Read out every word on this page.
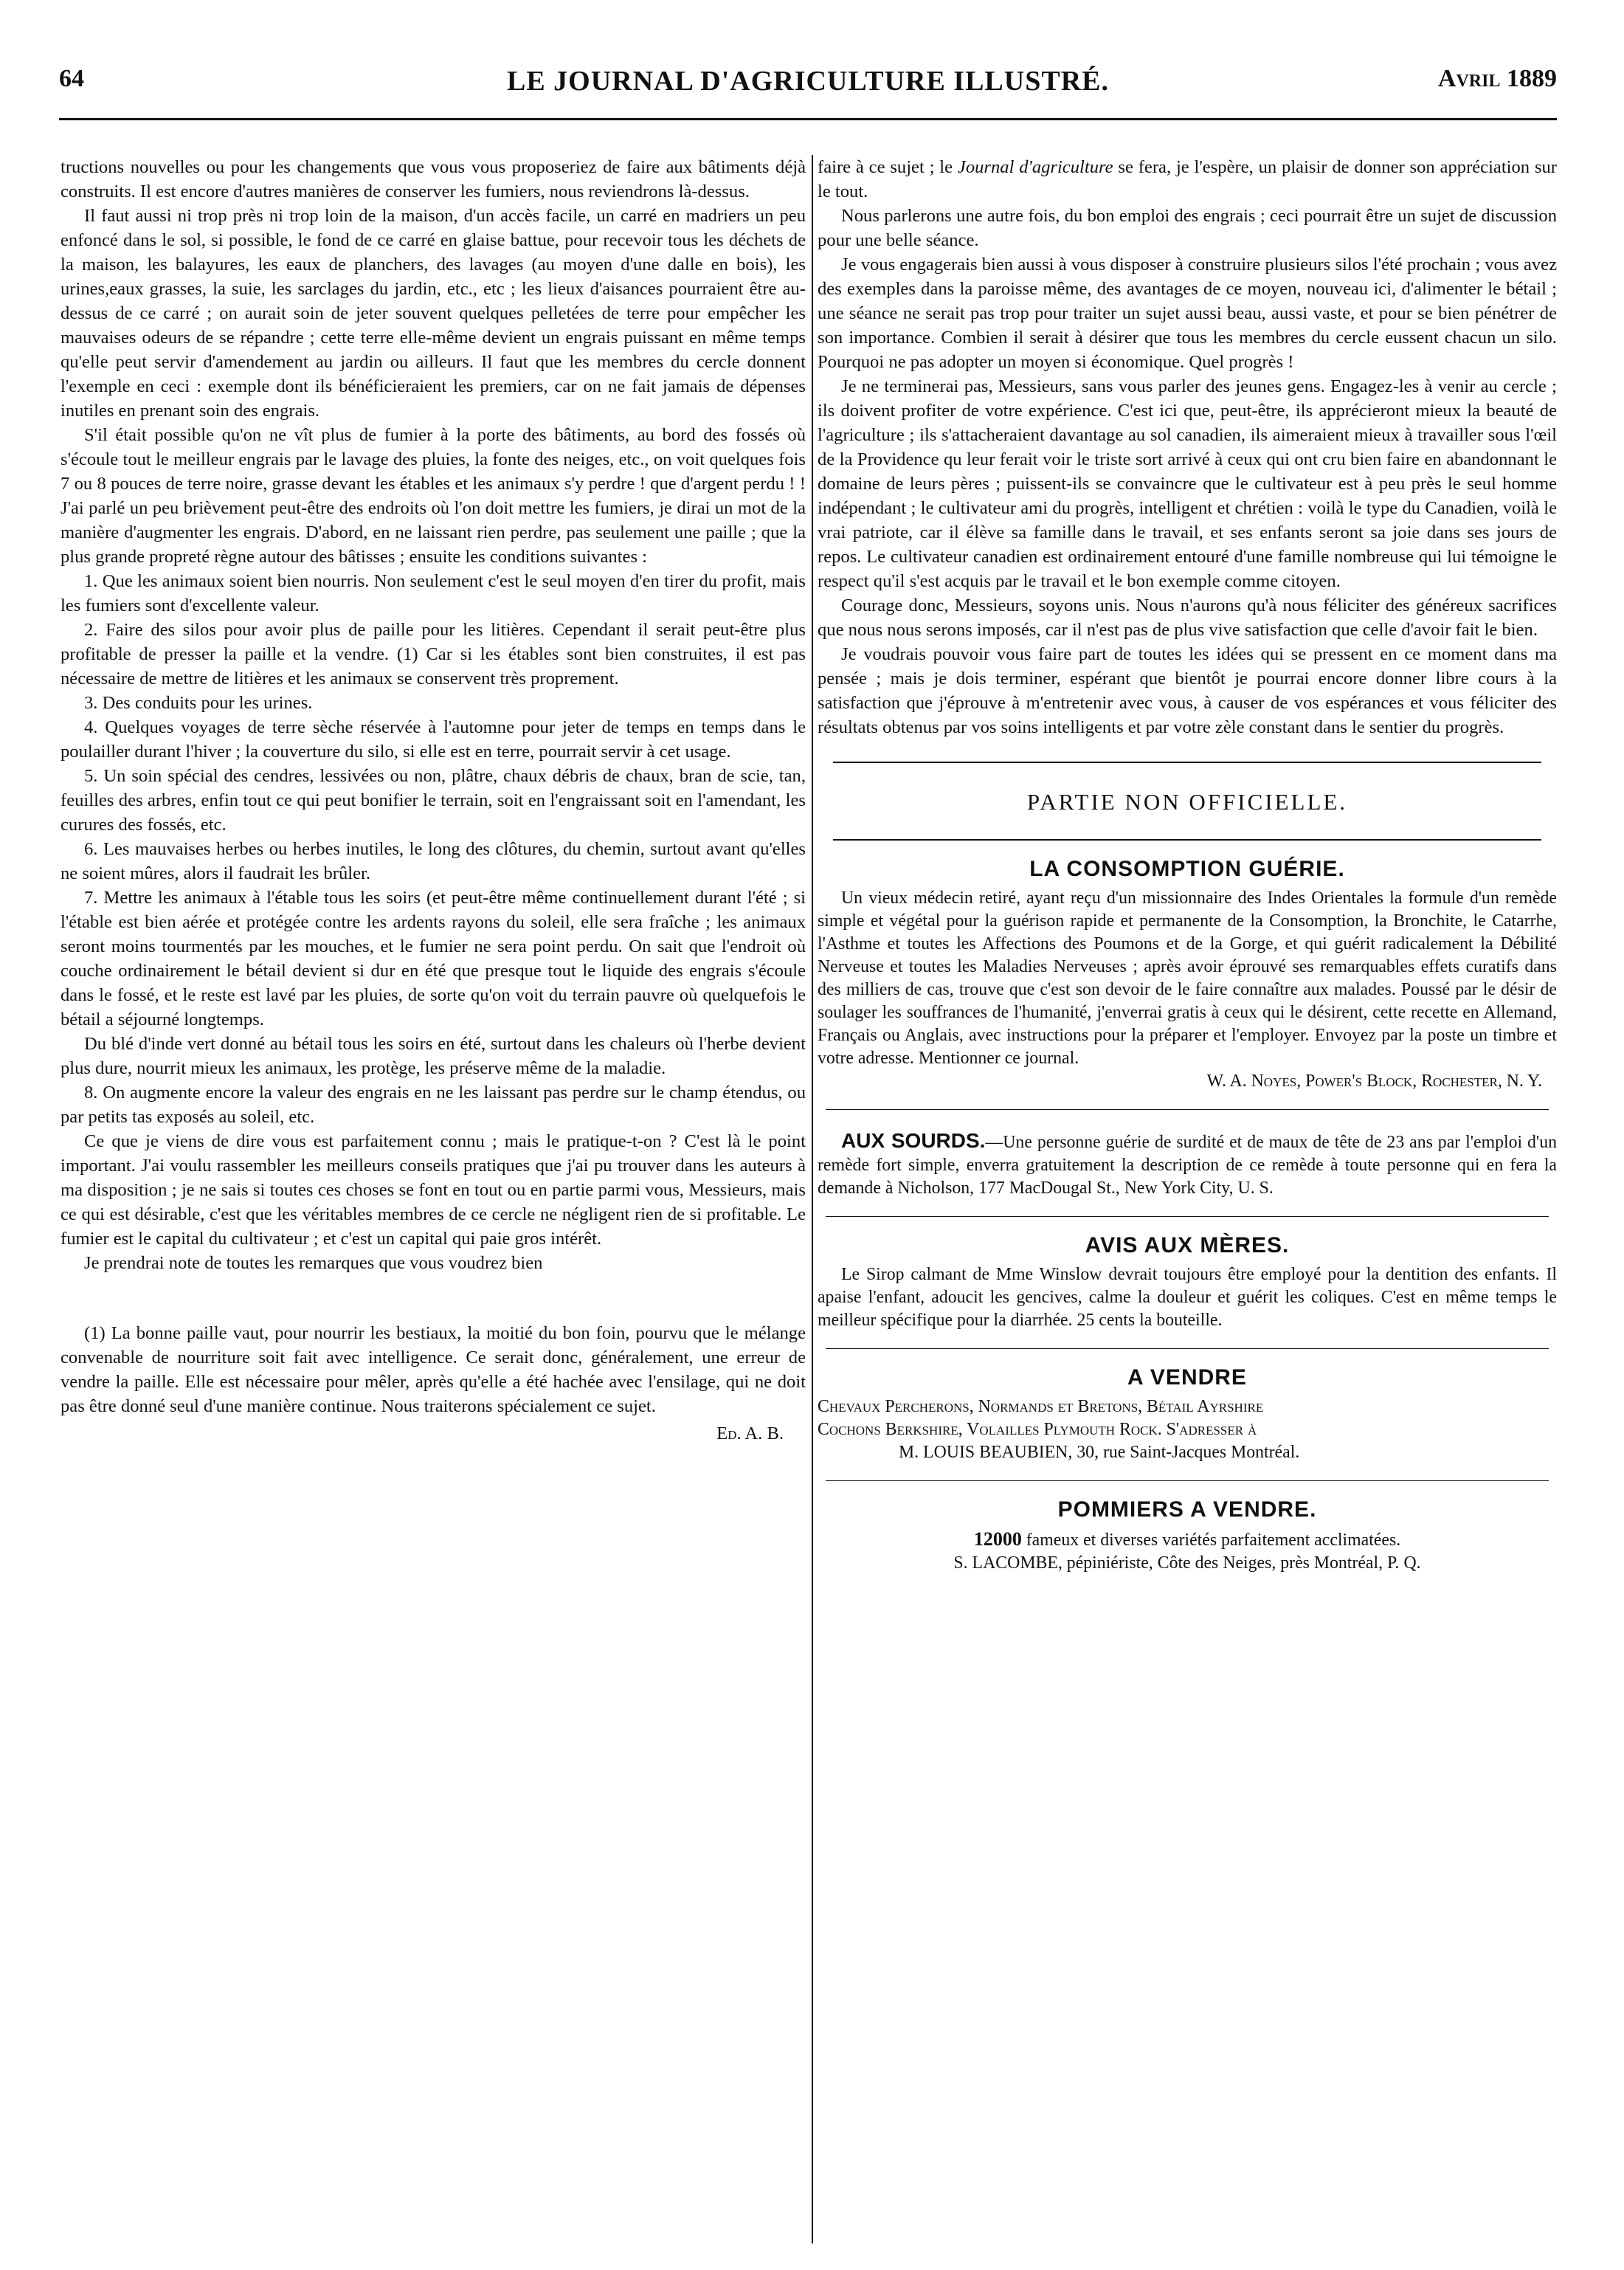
64	LE JOURNAL D'AGRICULTURE ILLUSTRÉ.	Avril 1889

tructions nouvelles ou pour les changements que vous vous proposeriez de faire aux bâtiments déjà construits. Il est encore d'autres manières de conserver les fumiers, nous reviendrons là-dessus.

Il faut aussi ni trop près ni trop loin de la maison, d'un accès facile, un carré en madriers un peu enfoncé dans le sol, si possible, le fond de ce carré en glaise battue, pour recevoir tous les déchets de la maison, les balayures, les eaux de planchers, des lavages (au moyen d'une dalle en bois), les urines,eaux grasses, la suie, les sarclages du jardin, etc., etc ; les lieux d'aisances pourraient être au-dessus de ce carré ; on aurait soin de jeter souvent quelques pelletées de terre pour empêcher les mauvaises odeurs de se répandre ; cette terre elle-même devient un engrais puissant en même temps qu'elle peut servir d'amendement au jardin ou ailleurs. Il faut que les membres du cercle donnent l'exemple en ceci : exemple dont ils bénéficieraient les premiers, car on ne fait jamais de dépenses inutiles en prenant soin des engrais.

S'il était possible qu'on ne vît plus de fumier à la porte des bâtiments, au bord des fossés où s'écoule tout le meilleur engrais par le lavage des pluies, la fonte des neiges, etc., on voit quelques fois 7 ou 8 pouces de terre noire, grasse devant les étables et les animaux s'y perdre ! que d'argent perdu ! ! J'ai parlé un peu brièvement peut-être des endroits où l'on doit mettre les fumiers, je dirai un mot de la manière d'augmenter les engrais. D'abord, en ne laissant rien perdre, pas seulement une paille ; que la plus grande propreté règne autour des bâtisses ; ensuite les conditions suivantes :

1. Que les animaux soient bien nourris. Non seulement c'est le seul moyen d'en tirer du profit, mais les fumiers sont d'excellente valeur.

2. Faire des silos pour avoir plus de paille pour les litières. Cependant il serait peut-être plus profitable de presser la paille et la vendre. (1) Car si les étables sont bien construites, il est pas nécessaire de mettre de litières et les animaux se conservent très proprement.

3. Des conduits pour les urines.

4. Quelques voyages de terre sèche réservée à l'automne pour jeter de temps en temps dans le poulailler durant l'hiver ; la couverture du silo, si elle est en terre, pourrait servir à cet usage.

5. Un soin spécial des cendres, lessivées ou non, plâtre, chaux débris de chaux, bran de scie, tan, feuilles des arbres, enfin tout ce qui peut bonifier le terrain, soit en l'engraissant soit en l'amendant, les curures des fossés, etc.

6. Les mauvaises herbes ou herbes inutiles, le long des clôtures, du chemin, surtout avant qu'elles ne soient mûres, alors il faudrait les brûler.

7. Mettre les animaux à l'étable tous les soirs (et peut-être même continuellement durant l'été ; si l'étable est bien aérée et protégée contre les ardents rayons du soleil, elle sera fraîche ; les animaux seront moins tourmentés par les mouches, et le fumier ne sera point perdu. On sait que l'endroit où couche ordinairement le bétail devient si dur en été que presque tout le liquide des engrais s'écoule dans le fossé, et le reste est lavé par les pluies, de sorte qu'on voit du terrain pauvre où quelquefois le bétail a séjourné longtemps.

Du blé d'inde vert donné au bétail tous les soirs en été, surtout dans les chaleurs où l'herbe devient plus dure, nourrit mieux les animaux, les protège, les préserve même de la maladie.

8. On augmente encore la valeur des engrais en ne les laissant pas perdre sur le champ étendus, ou par petits tas exposés au soleil, etc.

Ce que je viens de dire vous est parfaitement connu ; mais le pratique-t-on ? C'est là le point important. J'ai voulu rassembler les meilleurs conseils pratiques que j'ai pu trouver dans les auteurs à ma disposition ; je ne sais si toutes ces choses se font en tout ou en partie parmi vous, Messieurs, mais ce qui est désirable, c'est que les véritables membres de ce cercle ne négligent rien de si profitable. Le fumier est le capital du cultivateur ; et c'est un capital qui paie gros intérêt.

Je prendrai note de toutes les remarques que vous voudrez bien

(1) La bonne paille vaut, pour nourrir les bestiaux, la moitié du bon foin, pourvu que le mélange convenable de nourriture soit fait avec intelligence. Ce serait donc, généralement, une erreur de vendre la paille. Elle est nécessaire pour mêler, après qu'elle a été hachée avec l'ensilage, qui ne doit pas être donné seul d'une manière continue. Nous traiterons spécialement ce sujet.

Ed. A. B.

faire à ce sujet ; le Journal d'agriculture se fera, je l'espère, un plaisir de donner son appréciation sur le tout.

Nous parlerons une autre fois, du bon emploi des engrais ; ceci pourrait être un sujet de discussion pour une belle séance.

Je vous engagerais bien aussi à vous disposer à construire plusieurs silos l'été prochain ; vous avez des exemples dans la paroisse même, des avantages de ce moyen, nouveau ici, d'alimenter le bétail ; une séance ne serait pas trop pour traiter un sujet aussi beau, aussi vaste, et pour se bien pénétrer de son importance. Combien il serait à désirer que tous les membres du cercle eussent chacun un silo. Pourquoi ne pas adopter un moyen si économique. Quel progrès !

Je ne terminerai pas, Messieurs, sans vous parler des jeunes gens. Engagez-les à venir au cercle ; ils doivent profiter de votre expérience. C'est ici que, peut-être, ils apprécieront mieux la beauté de l'agriculture ; ils s'attacheraient davantage au sol canadien, ils aimeraient mieux à travailler sous l'œil de la Providence qu leur ferait voir le triste sort arrivé à ceux qui ont cru bien faire en abandonnant le domaine de leurs pères ; puissent-ils se convaincre que le cultivateur est à peu près le seul homme indépendant ; le cultivateur ami du progrès, intelligent et chrétien : voilà le type du Canadien, voilà le vrai patriote, car il élève sa famille dans le travail, et ses enfants seront sa joie dans ses jours de repos. Le cultivateur canadien est ordinairement entouré d'une famille nombreuse qui lui témoigne le respect qu'il s'est acquis par le travail et le bon exemple comme citoyen.

Courage donc, Messieurs, soyons unis. Nous n'aurons qu'à nous féliciter des généreux sacrifices que nous nous serons imposés, car il n'est pas de plus vive satisfaction que celle d'avoir fait le bien.

Je voudrais pouvoir vous faire part de toutes les idées qui se pressent en ce moment dans ma pensée ; mais je dois terminer, espérant que bientôt je pourrai encore donner libre cours à la satisfaction que j'éprouve à m'entretenir avec vous, à causer de vos espérances et vous féliciter des résultats obtenus par vos soins intelligents et par votre zèle constant dans le sentier du progrès.

PARTIE NON OFFICIELLE.
LA CONSOMPTION GUÉRIE.

Un vieux médecin retiré, ayant reçu d'un missionnaire des Indes Orientales la formule d'un remède simple et végétal pour la guérison rapide et permanente de la Consomption, la Bronchite, le Catarrhe, l'Asthme et toutes les Affections des Poumons et de la Gorge, et qui guérit radicalement la Débilité Nerveuse et toutes les Maladies Nerveuses ; après avoir éprouvé ses remarquables effets curatifs dans des milliers de cas, trouve que c'est son devoir de le faire connaître aux malades. Poussé par le désir de soulager les souffrances de l'humanité, j'enverrai gratis à ceux qui le désirent, cette recette en Allemand, Français ou Anglais, avec instructions pour la préparer et l'employer. Envoyez par la poste un timbre et votre adresse. Mentionner ce journal.

W. A. Noyes, Power's Block, Rochester, N. Y.

AUX SOURDS.—Une personne guérie de surdité et de maux de tête de 23 ans par l'emploi d'un remède fort simple, enverra gratuitement la description de ce remède à toute personne qui en fera la demande à Nicholson, 177 MacDougal St., New York City, U. S.

AVIS AUX MÈRES.

Le Sirop calmant de Mme Winslow devrait toujours être employé pour la dentition des enfants. Il apaise l'enfant, adoucit les gencives, calme la douleur et guérit les coliques. C'est en même temps le meilleur spécifique pour la diarrhée. 25 cents la bouteille.

A VENDRE
Chevaux Percherons, Normands et Bretons, Bétail Ayrshire
Cochons Berkshire, Volailles Plymouth Rock. S'adresser à
M. LOUIS BEAUBIEN, 30, rue Saint-Jacques Montréal.
POMMIERS A VENDRE.
12000 fameux et diverses variétés parfaitement acclimatées.
S. LACOMBE, pépiniériste, Côte des Neiges, près Montréal, P. Q.
